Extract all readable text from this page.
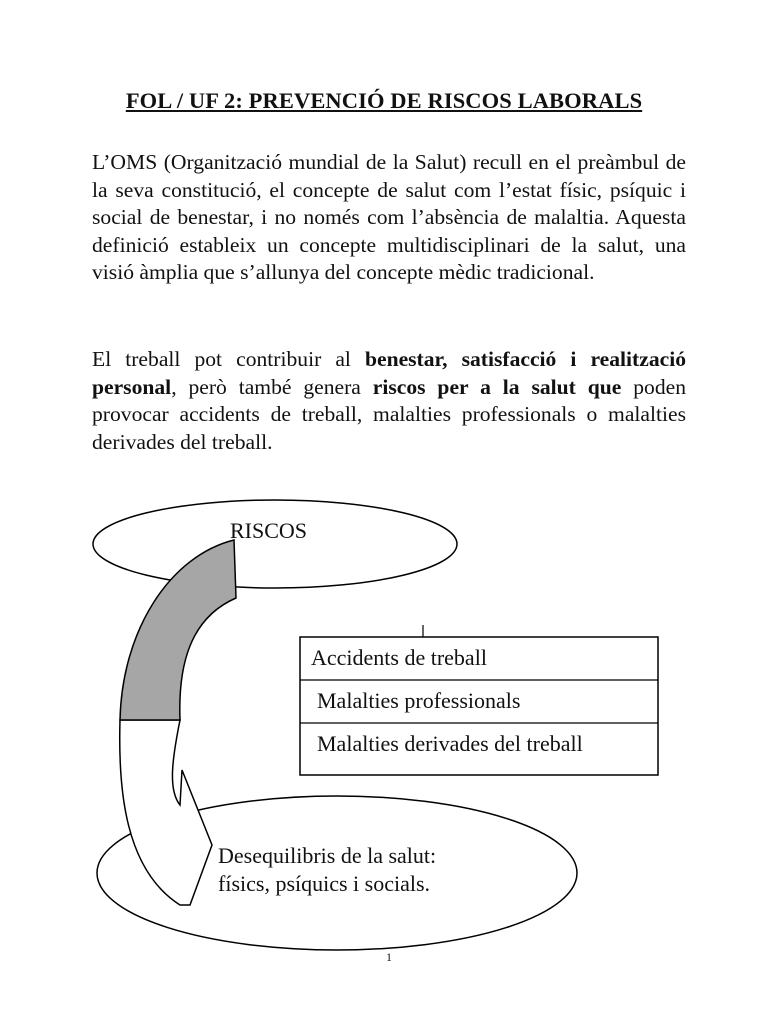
FOL / UF 2: PREVENCIÓ DE RISCOS LABORALS
L’OMS (Organització mundial de la Salut) recull en el preàmbul de la seva constitució, el concepte de salut com l’estat físic, psíquic i social de benestar, i no només com l’absència de malaltia. Aquesta definició estableix un concepte multidisciplinari de la salut, una visió àmplia que s’allunya del concepte mèdic tradicional.
El treball pot contribuir al benestar, satisfacció i realització personal, però també genera riscos per a la salut que poden provocar accidents de treball, malalties professionals o malalties derivades del treball.
RISCOS
Accidents de treball
Malalties professionals
Malalties derivades del treball
Desequilibris de la salut:
físics, psíquics i socials.
1
